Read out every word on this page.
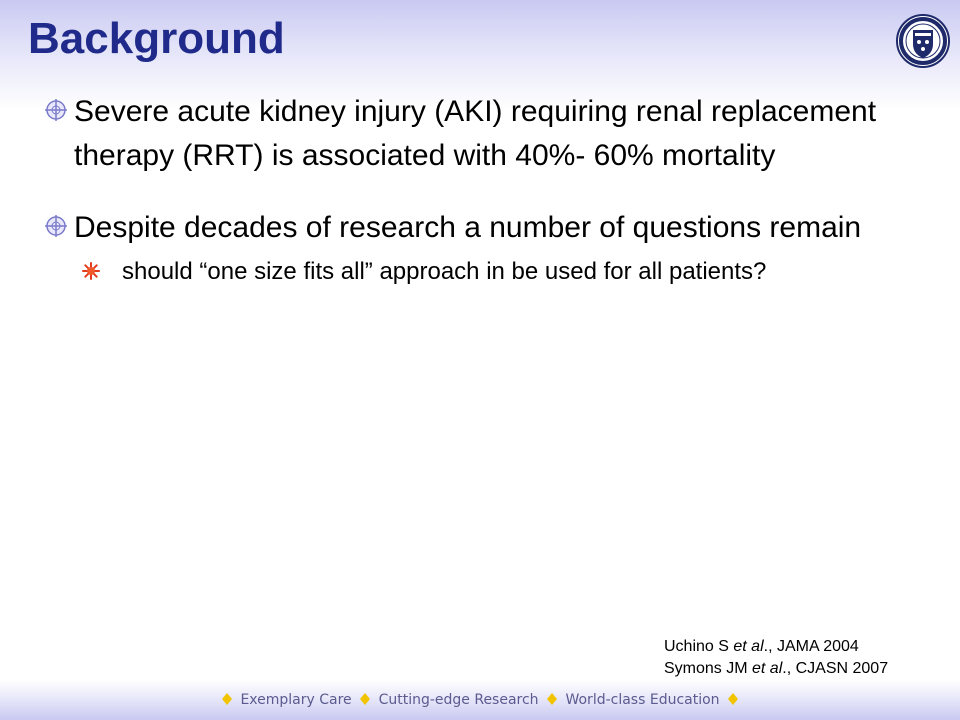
Background
Severe acute kidney injury (AKI) requiring renal replacement therapy (RRT) is associated with 40%- 60% mortality
Despite decades of research a number of questions remain
should “one size fits all” approach in be used for all patients?
Uchino S et al., JAMA 2004
Symons JM et al., CJASN 2007
Exemplary Care Cutting-edge Research World-class Education
